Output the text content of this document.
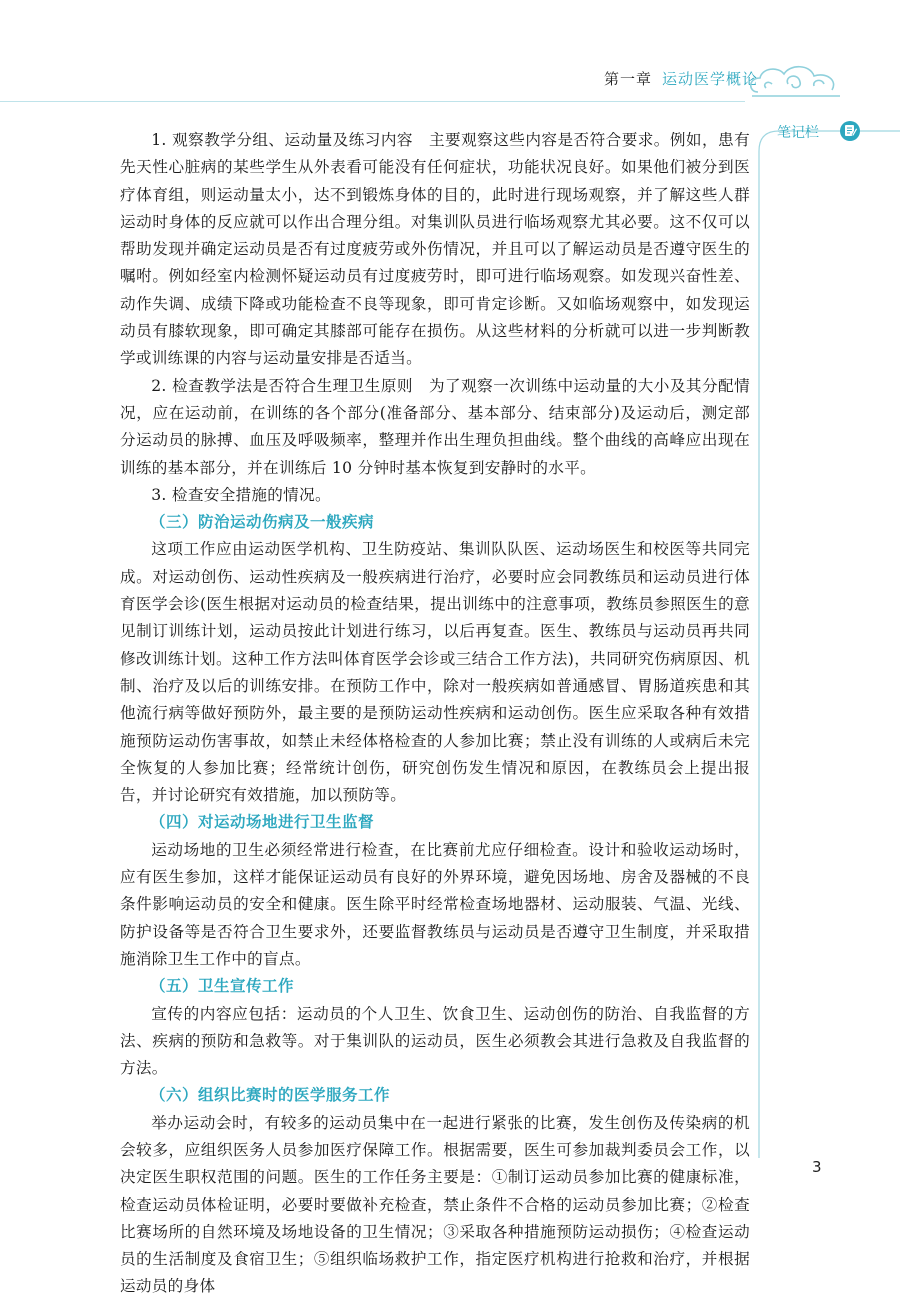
第一章 运动医学概论
笔记栏

1. 观察教学分组、运动量及练习内容　主要观察这些内容是否符合要求。例如，患有先天性心脏病的某些学生从外表看可能没有任何症状，功能状况良好。如果他们被分到医疗体育组，则运动量太小，达不到锻炼身体的目的，此时进行现场观察，并了解这些人群运动时身体的反应就可以作出合理分组。对集训队员进行临场观察尤其必要。这不仅可以帮助发现并确定运动员是否有过度疲劳或外伤情况，并且可以了解运动员是否遵守医生的嘱咐。例如经室内检测怀疑运动员有过度疲劳时，即可进行临场观察。如发现兴奋性差、动作失调、成绩下降或功能检查不良等现象，即可肯定诊断。又如临场观察中，如发现运动员有膝软现象，即可确定其膝部可能存在损伤。从这些材料的分析就可以进一步判断教学或训练课的内容与运动量安排是否适当。

2. 检查教学法是否符合生理卫生原则　为了观察一次训练中运动量的大小及其分配情况，应在运动前，在训练的各个部分(准备部分、基本部分、结束部分)及运动后，测定部分运动员的脉搏、血压及呼吸频率，整理并作出生理负担曲线。整个曲线的高峰应出现在训练的基本部分，并在训练后 10 分钟时基本恢复到安静时的水平。

3. 检查安全措施的情况。

（三）防治运动伤病及一般疾病

这项工作应由运动医学机构、卫生防疫站、集训队队医、运动场医生和校医等共同完成。对运动创伤、运动性疾病及一般疾病进行治疗，必要时应会同教练员和运动员进行体育医学会诊(医生根据对运动员的检查结果，提出训练中的注意事项，教练员参照医生的意见制订训练计划，运动员按此计划进行练习，以后再复查。医生、教练员与运动员再共同修改训练计划。这种工作方法叫体育医学会诊或三结合工作方法)，共同研究伤病原因、机制、治疗及以后的训练安排。在预防工作中，除对一般疾病如普通感冒、胃肠道疾患和其他流行病等做好预防外，最主要的是预防运动性疾病和运动创伤。医生应采取各种有效措施预防运动伤害事故，如禁止未经体格检查的人参加比赛；禁止没有训练的人或病后未完全恢复的人参加比赛；经常统计创伤，研究创伤发生情况和原因，在教练员会上提出报告，并讨论研究有效措施，加以预防等。

（四）对运动场地进行卫生监督

运动场地的卫生必须经常进行检查，在比赛前尤应仔细检查。设计和验收运动场时，应有医生参加，这样才能保证运动员有良好的外界环境，避免因场地、房舍及器械的不良条件影响运动员的安全和健康。医生除平时经常检查场地器材、运动服装、气温、光线、防护设备等是否符合卫生要求外，还要监督教练员与运动员是否遵守卫生制度，并采取措施消除卫生工作中的盲点。

（五）卫生宣传工作

宣传的内容应包括：运动员的个人卫生、饮食卫生、运动创伤的防治、自我监督的方法、疾病的预防和急救等。对于集训队的运动员，医生必须教会其进行急救及自我监督的方法。

（六）组织比赛时的医学服务工作

举办运动会时，有较多的运动员集中在一起进行紧张的比赛，发生创伤及传染病的机会较多，应组织医务人员参加医疗保障工作。根据需要，医生可参加裁判委员会工作，以决定医生职权范围的问题。医生的工作任务主要是：①制订运动员参加比赛的健康标准，检查运动员体检证明，必要时要做补充检查，禁止条件不合格的运动员参加比赛；②检查比赛场所的自然环境及场地设备的卫生情况；③采取各种措施预防运动损伤；④检查运动员的生活制度及食宿卫生；⑤组织临场救护工作，指定医疗机构进行抢救和治疗，并根据运动员的身体

3
